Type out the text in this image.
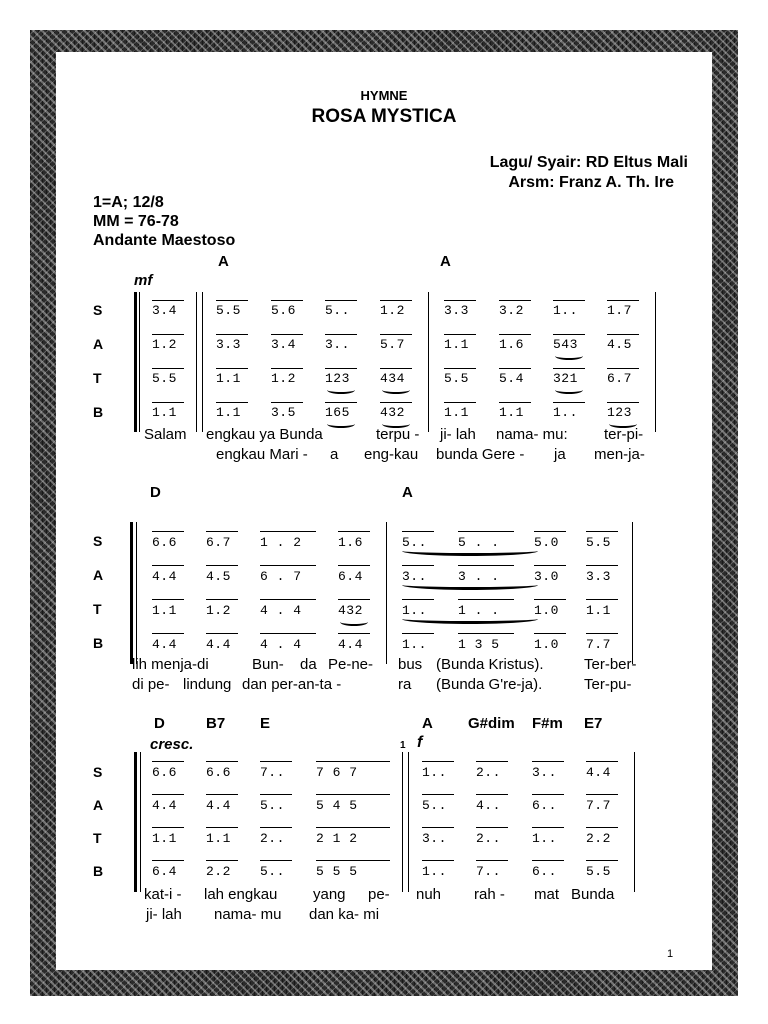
HYMNE
ROSA MYSTICA
Lagu/ Syair: RD Eltus Mali
Arsm: Franz A. Th. Ire
1=A; 12/8
MM = 76-78
Andante Maestoso
A	A
mf
S
A
T
B
3.4	5.5 5.6 5.. 1.2	3.3 3.2 1.. 1.7
1.2	3.3 3.4 3.. 5.7	1.1 1.6 543 4.5
5.5	1.1 1.2 123 434	5.5 5.4 321 6.7
1.1	1.1 3.5 165 432	1.1 1.1 1.. 123
Salam engkau ya Bunda	terpu - ji- lah nama- mu: ter-pi-
engkau Mari - a eng-kau bunda Gere - ja men-ja-
D	A
S
A
T
B
6.6 6.7 1 . 2	1.6	5.. 5 . .	5.0 5.5
4.4 4.5 6 . 7	6.4	3.. 3 . .	3.0 3.3
1.1 1.2 4 . 4	432	1.. 1 . .	1.0 1.1
4.4 4.4 4 . 4	4.4	1.. 1 3 5	1.0 7.7
lih menja-di	Bun- da Pe-ne- bus (Bunda Kristus).	Ter-ber-
di pe- lindung dan per-an-ta -	ra (Bunda G're-ja).	Ter-pu-
D	B7 E	A G#dim F#m E7
cresc.	1 f
S
A
T
B
6.6 6.6 7.. 7 6 7	1.. 2.. 3.. 4.4
4.4 4.4 5.. 5 4 5	5.. 4.. 6.. 7.7
1.1 1.1 2.. 2 1 2	3.. 2.. 1.. 2.2
6.4 2.2 5.. 5 5 5	1.. 7.. 6.. 5.5
kat-i - lah engkau yang pe- nuh rah - mat Bunda
ji- lah nama- mu dan ka- mi
1
